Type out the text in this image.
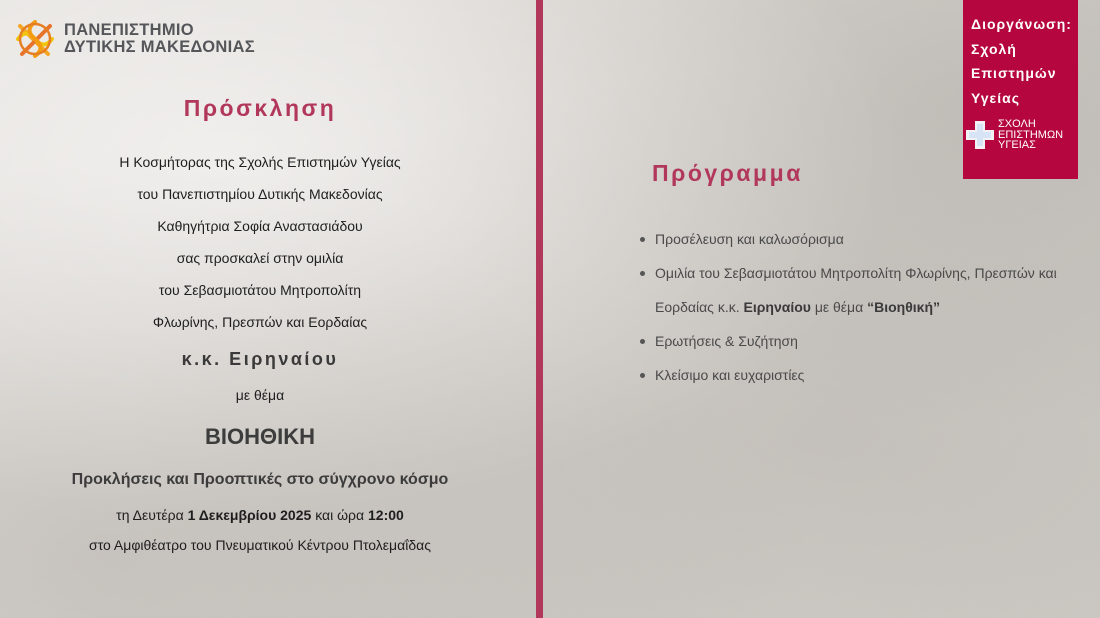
ΠΑΝΕΠΙΣΤΗΜΙΟ
ΔΥΤΙΚΗΣ ΜΑΚΕΔΟΝΙΑΣ
Πρόσκληση
Η Κοσμήτορας της Σχολής Επιστημών Υγείας
του Πανεπιστημίου Δυτικής Μακεδονίας
Καθηγήτρια Σοφία Αναστασιάδου
σας προσκαλεί στην ομιλία
του Σεβασμιοτάτου Μητροπολίτη
Φλωρίνης, Πρεσπών και Εορδαίας
κ.κ. Ειρηναίου
με θέμα
ΒΙΟΗΘΙΚΗ
Προκλήσεις και Προοπτικές στο σύγχρονο κόσμο
τη Δευτέρα 1 Δεκεμβρίου 2025 και ώρα 12:00
στο Αμφιθέατρο του Πνευματικού Κέντρου Πτολεμαΐδας
Πρόγραμμα
Προσέλευση και καλωσόρισμα
Ομιλία του Σεβασμιοτάτου Μητροπολίτη Φλωρίνης, Πρεσπών και
Εορδαίας κ.κ. Ειρηναίου με θέμα “Βιοηθική”
Ερωτήσεις & Συζήτηση
Κλείσιμο και ευχαριστίες
Διοργάνωση:
Σχολή
Επιστημών
Υγείας
ΣΧΟΛΗ
ΕΠΙΣΤΗΜΩΝ
ΥΓΕΙΑΣ
